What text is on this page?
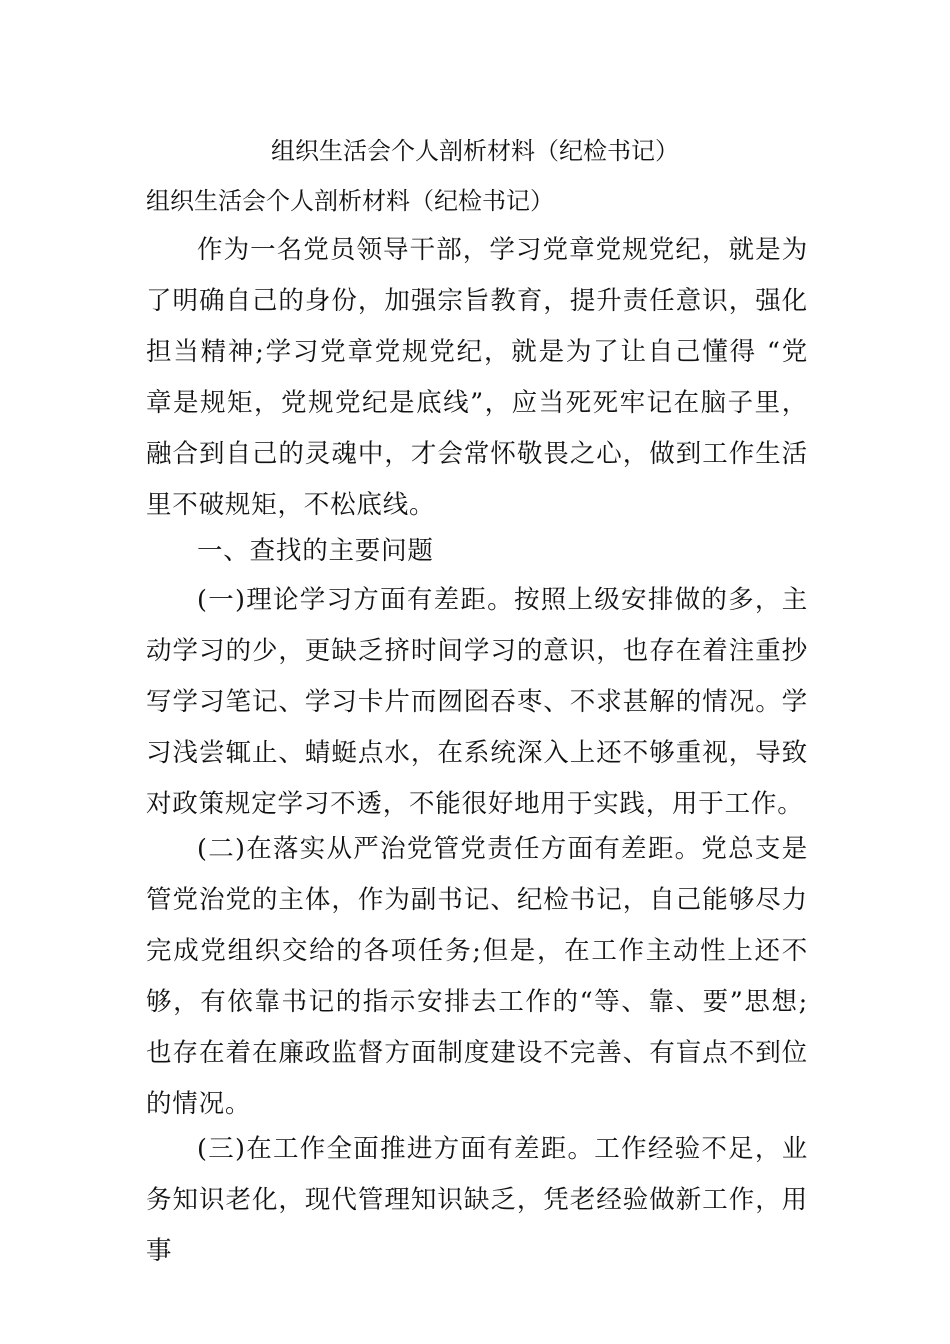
组织生活会个人剖析材料（纪检书记）
组织生活会个人剖析材料（纪检书记）

作为一名党员领导干部，学习党章党规党纪，就是为了明确自己的身份，加强宗旨教育，提升责任意识，强化担当精神;学习党章党规党纪，就是为了让自己懂得 “党章是规矩，党规党纪是底线”，应当死死牢记在脑子里，融合到自己的灵魂中，才会常怀敬畏之心，做到工作生活里不破规矩，不松底线。

一、查找的主要问题

(一)理论学习方面有差距。按照上级安排做的多，主动学习的少，更缺乏挤时间学习的意识，也存在着注重抄写学习笔记、学习卡片而囫囵吞枣、不求甚解的情况。学习浅尝辄止、蜻蜓点水，在系统深入上还不够重视，导致对政策规定学习不透，不能很好地用于实践，用于工作。

(二)在落实从严治党管党责任方面有差距。党总支是管党治党的主体，作为副书记、纪检书记，自己能够尽力完成党组织交给的各项任务;但是，在工作主动性上还不够，有依靠书记的指示安排去工作的“等、靠、要”思想;也存在着在廉政监督方面制度建设不完善、有盲点不到位的情况。

(三)在工作全面推进方面有差距。工作经验不足，业务知识老化，现代管理知识缺乏，凭老经验做新工作，用事
